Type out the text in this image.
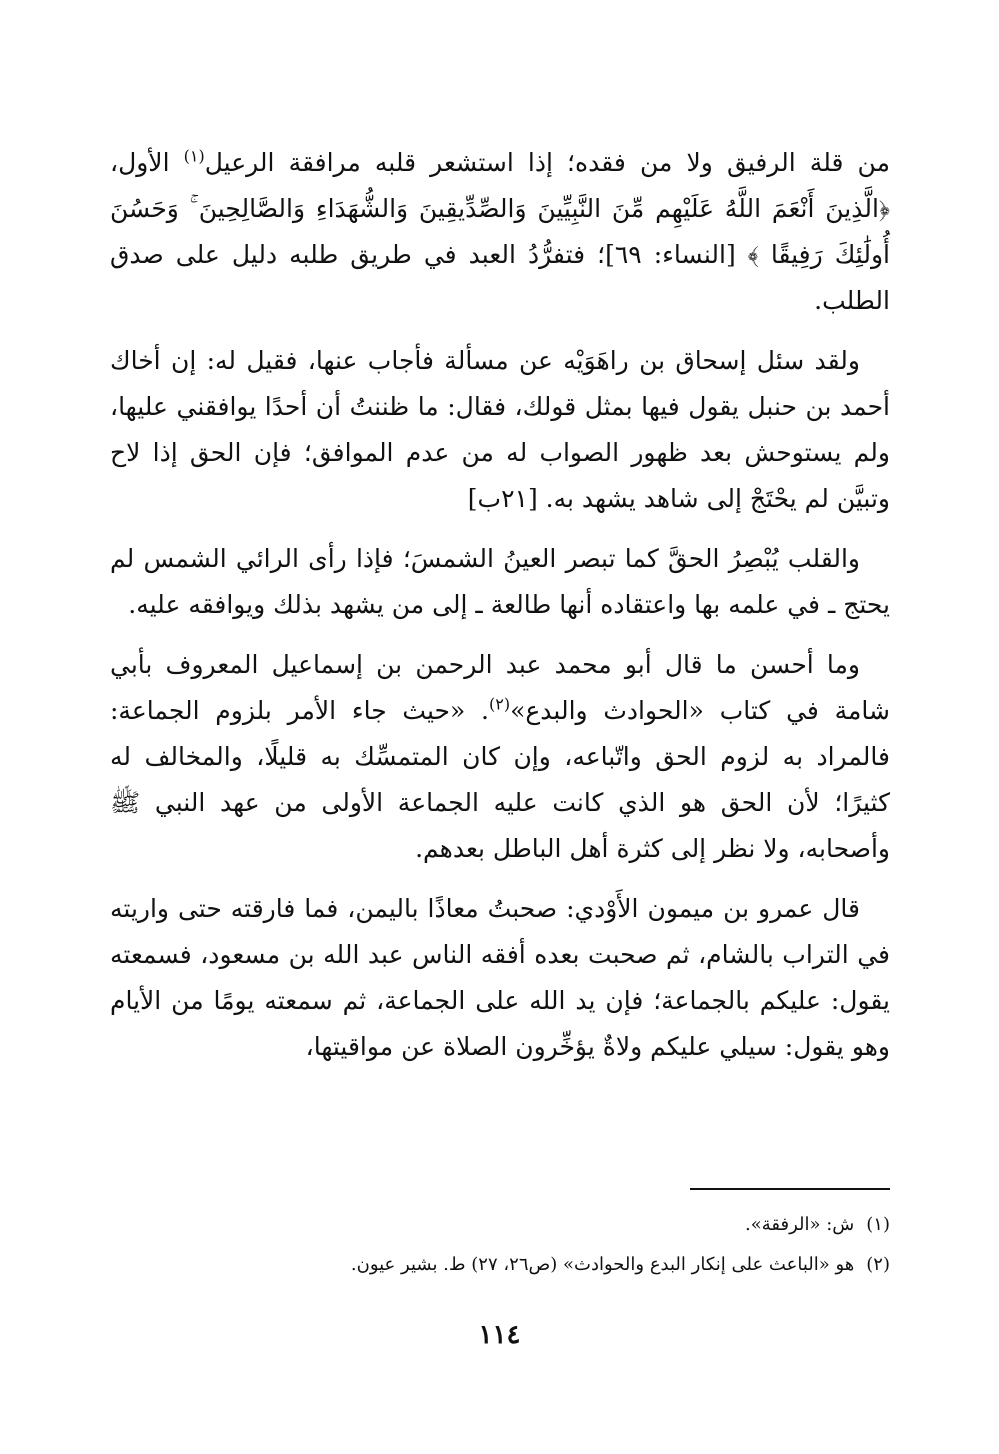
من قلة الرفيق ولا من فقده؛ إذا استشعر قلبه مرافقة الرعيل$^{(١)}$ الأول، ﴿الَّذِينَ أَنْعَمَ اللَّهُ عَلَيْهِم مِّنَ النَّبِيِّينَ وَالصِّدِّيقِينَ وَالشُّهَدَاءِ وَالصَّالِحِينَ ۚ وَحَسُنَ أُولَٰئِكَ رَفِيقًا ﴾ [النساء: ٦٩]؛ فتفرُّدُ العبد في طريق طلبه دليل على صدق الطلب.

ولقد سئل إسحاق بن راهَوَيْه عن مسألة فأجاب عنها، فقيل له: إن أخاك أحمد بن حنبل يقول فيها بمثل قولك، فقال: ما ظننتُ أن أحدًا يوافقني عليها، ولم يستوحش بعد ظهور الصواب له من عدم الموافق؛ فإن الحق إذا لاح وتبيَّن لم يحْتَجْ إلى شاهد يشهد به. [٢١ب]

والقلب يُبْصِرُ الحقَّ كما تبصر العينُ الشمسَ؛ فإذا رأى الرائي الشمس لم يحتج ـ في علمه بها واعتقاده أنها طالعة ـ إلى من يشهد بذلك ويوافقه عليه.

وما أحسن ما قال أبو محمد عبد الرحمن بن إسماعيل المعروف بأبي شامة في كتاب «الحوادث والبدع»$^{(٢)}$. «حيث جاء الأمر بلزوم الجماعة: فالمراد به لزوم الحق واتّباعه، وإن كان المتمسِّك به قليلًا، والمخالف له كثيرًا؛ لأن الحق هو الذي كانت عليه الجماعة الأولى من عهد النبي ﷺ وأصحابه، ولا نظر إلى كثرة أهل الباطل بعدهم.

قال عمرو بن ميمون الأَوْدي: صحبتُ معاذًا باليمن، فما فارقته حتى واريته في التراب بالشام، ثم صحبت بعده أفقه الناس عبد الله بن مسعود، فسمعته يقول: عليكم بالجماعة؛ فإن يد الله على الجماعة، ثم سمعته يومًا من الأيام وهو يقول: سيلي عليكم ولاةٌ يؤخِّرون الصلاة عن مواقيتها،

(١)ش: «الرفقة».
(٢)هو «الباعث على إنكار البدع والحوادث» (ص٢٦، ٢٧) ط. بشير عيون.
١١٤
